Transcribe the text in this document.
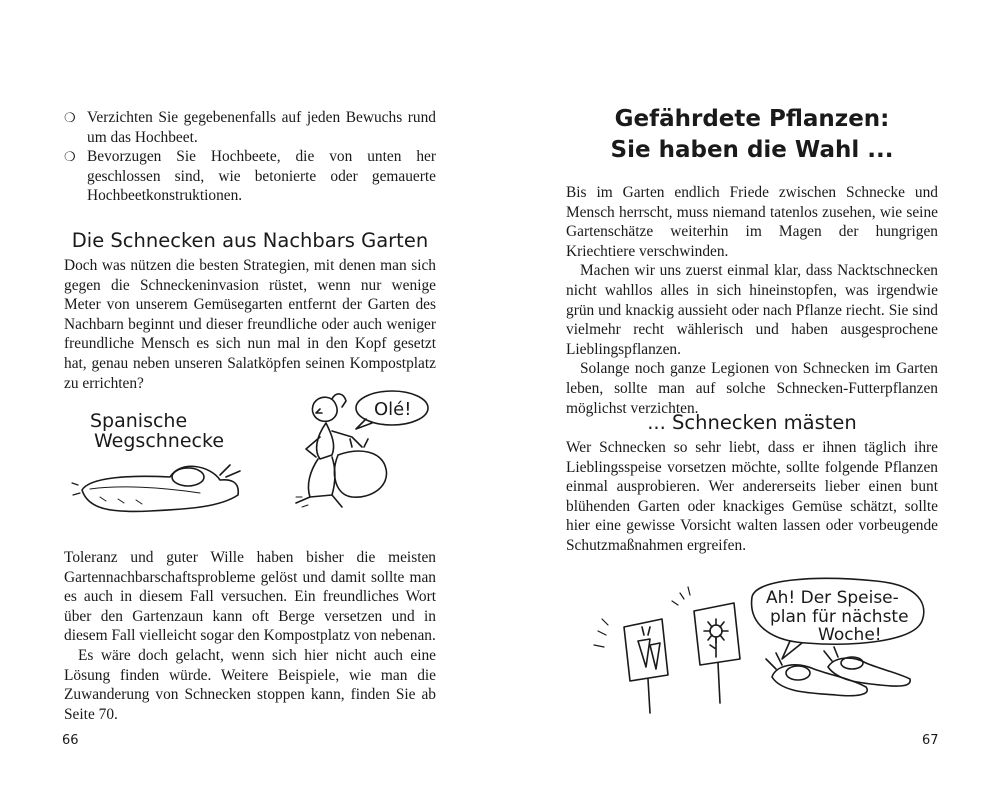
❍ Verzichten Sie gegebenenfalls auf jeden Bewuchs rund um das Hochbeet.
❍ Bevorzugen Sie Hochbeete, die von unten her geschlossen sind, wie betonierte oder gemauerte Hochbeetkonstruktionen.
Die Schnecken aus Nachbars Garten

Doch was nützen die besten Strategien, mit denen man sich gegen die Schneckeninvasion rüstet, wenn nur wenige Meter von unserem Gemüsegarten entfernt der Garten des Nachbarn beginnt und dieser freundliche oder auch weniger freundliche Mensch es sich nun mal in den Kopf gesetzt hat, genau neben unseren Salatköpfen seinen Kompostplatz zu errichten?

Spanische
Wegschnecke
Olé!

Toleranz und guter Wille haben bisher die meisten Gartennachbarschaftsprobleme gelöst und damit sollte man es auch in diesem Fall versuchen. Ein freundliches Wort über den Gartenzaun kann oft Berge versetzen und in diesem Fall vielleicht sogar den Kompostplatz von nebenan.

Es wäre doch gelacht, wenn sich hier nicht auch eine Lösung finden würde. Weitere Beispiele, wie man die Zuwanderung von Schnecken stoppen kann, finden Sie ab Seite 70.

66
Gefährdete Pflanzen:
Sie haben die Wahl ...

Bis im Garten endlich Friede zwischen Schnecke und Mensch herrscht, muss niemand tatenlos zusehen, wie seine Gartenschätze weiterhin im Magen der hungrigen Kriechtiere verschwinden.

Machen wir uns zuerst einmal klar, dass Nacktschnecken nicht wahllos alles in sich hineinstopfen, was irgendwie grün und knackig aussieht oder nach Pflanze riecht. Sie sind vielmehr recht wählerisch und haben ausgesprochene Lieblingspflanzen.

Solange noch ganze Legionen von Schnecken im Garten leben, sollte man auf solche Schnecken-Futterpflanzen möglichst verzichten.

... Schnecken mästen

Wer Schnecken so sehr liebt, dass er ihnen täglich ihre Lieblingsspeise vorsetzen möchte, sollte folgende Pflanzen einmal ausprobieren. Wer andererseits lieber einen bunt blühenden Garten oder knackiges Gemüse schätzt, sollte hier eine gewisse Vorsicht walten lassen oder vorbeugende Schutzmaßnahmen ergreifen.

Ah! Der Speise-
plan für nächste
Woche!
67
